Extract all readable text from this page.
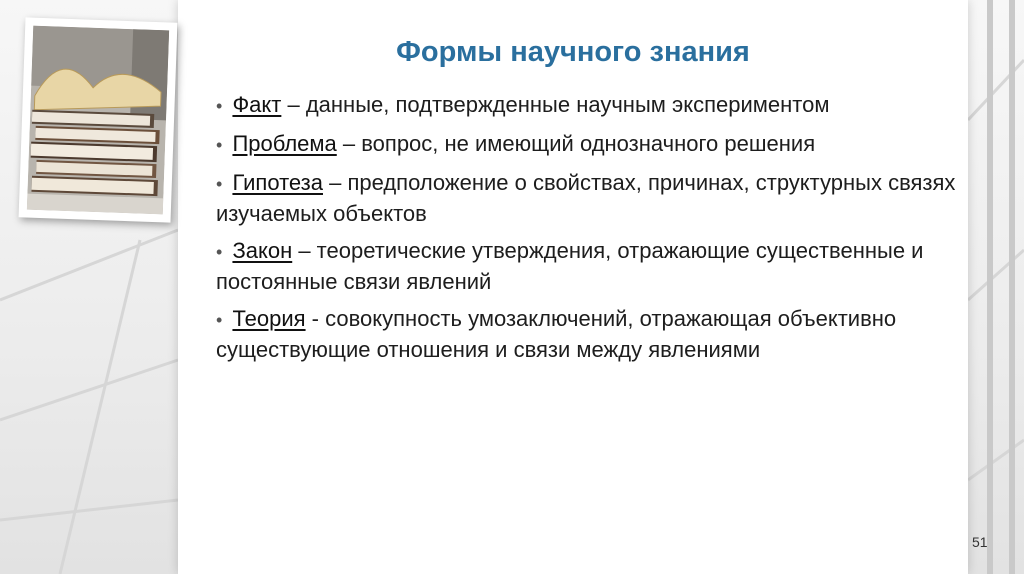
Формы научного знания
• Факт – данные, подтвержденные научным экспериментом
• Проблема – вопрос, не имеющий однозначного решения
• Гипотеза – предположение о свойствах, причинах, структурных связях изучаемых объектов
• Закон – теоретические утверждения, отражающие существенные и постоянные связи явлений
• Теория - совокупность умозаключений, отражающая объективно существующие отношения и связи между явлениями
51
